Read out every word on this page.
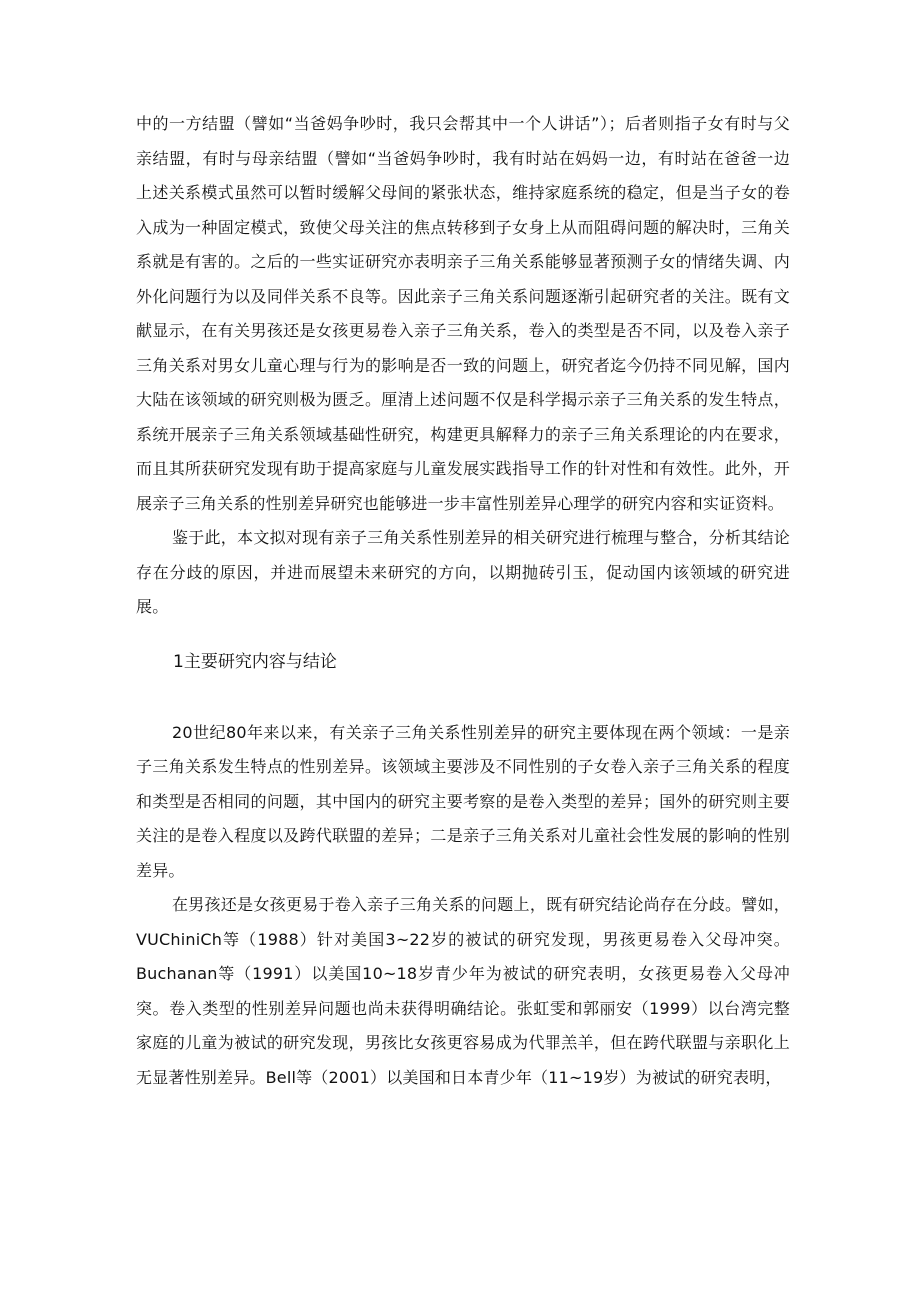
中的一方结盟（譬如“当爸妈争吵时，我只会帮其中一个人讲话”）；后者则指子女有时与父亲结盟，有时与母亲结盟（譬如“当爸妈争吵时，我有时站在妈妈一边，有时站在爸爸一边上述关系模式虽然可以暂时缓解父母间的紧张状态，维持家庭系统的稳定，但是当子女的卷入成为一种固定模式，致使父母关注的焦点转移到子女身上从而阻碍问题的解决时，三角关系就是有害的。之后的一些实证研究亦表明亲子三角关系能够显著预测子女的情绪失调、内外化问题行为以及同伴关系不良等。因此亲子三角关系问题逐渐引起研究者的关注。既有文献显示，在有关男孩还是女孩更易卷入亲子三角关系，卷入的类型是否不同，以及卷入亲子三角关系对男女儿童心理与行为的影响是否一致的问题上，研究者迄今仍持不同见解，国内大陆在该领域的研究则极为匮乏。厘清上述问题不仅是科学揭示亲子三角关系的发生特点，系统开展亲子三角关系领域基础性研究，构建更具解释力的亲子三角关系理论的内在要求，而且其所获研究发现有助于提高家庭与儿童发展实践指导工作的针对性和有效性。此外，开展亲子三角关系的性别差异研究也能够进一步丰富性别差异心理学的研究内容和实证资料。

鉴于此，本文拟对现有亲子三角关系性别差异的相关研究进行梳理与整合，分析其结论存在分歧的原因，并进而展望未来研究的方向，以期抛砖引玉，促动国内该领域的研究进展。

1主要研究内容与结论

20世纪80年来以来，有关亲子三角关系性别差异的研究主要体现在两个领域：一是亲子三角关系发生特点的性别差异。该领域主要涉及不同性别的子女卷入亲子三角关系的程度和类型是否相同的问题，其中国内的研究主要考察的是卷入类型的差异；国外的研究则主要关注的是卷入程度以及跨代联盟的差异；二是亲子三角关系对儿童社会性发展的影响的性别差异。

在男孩还是女孩更易于卷入亲子三角关系的问题上，既有研究结论尚存在分歧。譬如，VUChiniCh等（1988）针对美国3~22岁的被试的研究发现，男孩更易卷入父母冲突。Buchanan等（1991）以美国10~18岁青少年为被试的研究表明，女孩更易卷入父母冲突。卷入类型的性别差异问题也尚未获得明确结论。张虹雯和郭丽安（1999）以台湾完整家庭的儿童为被试的研究发现，男孩比女孩更容易成为代罪羔羊，但在跨代联盟与亲职化上无显著性别差异。Bell等（2001）以美国和日本青少年（11~19岁）为被试的研究表明，
